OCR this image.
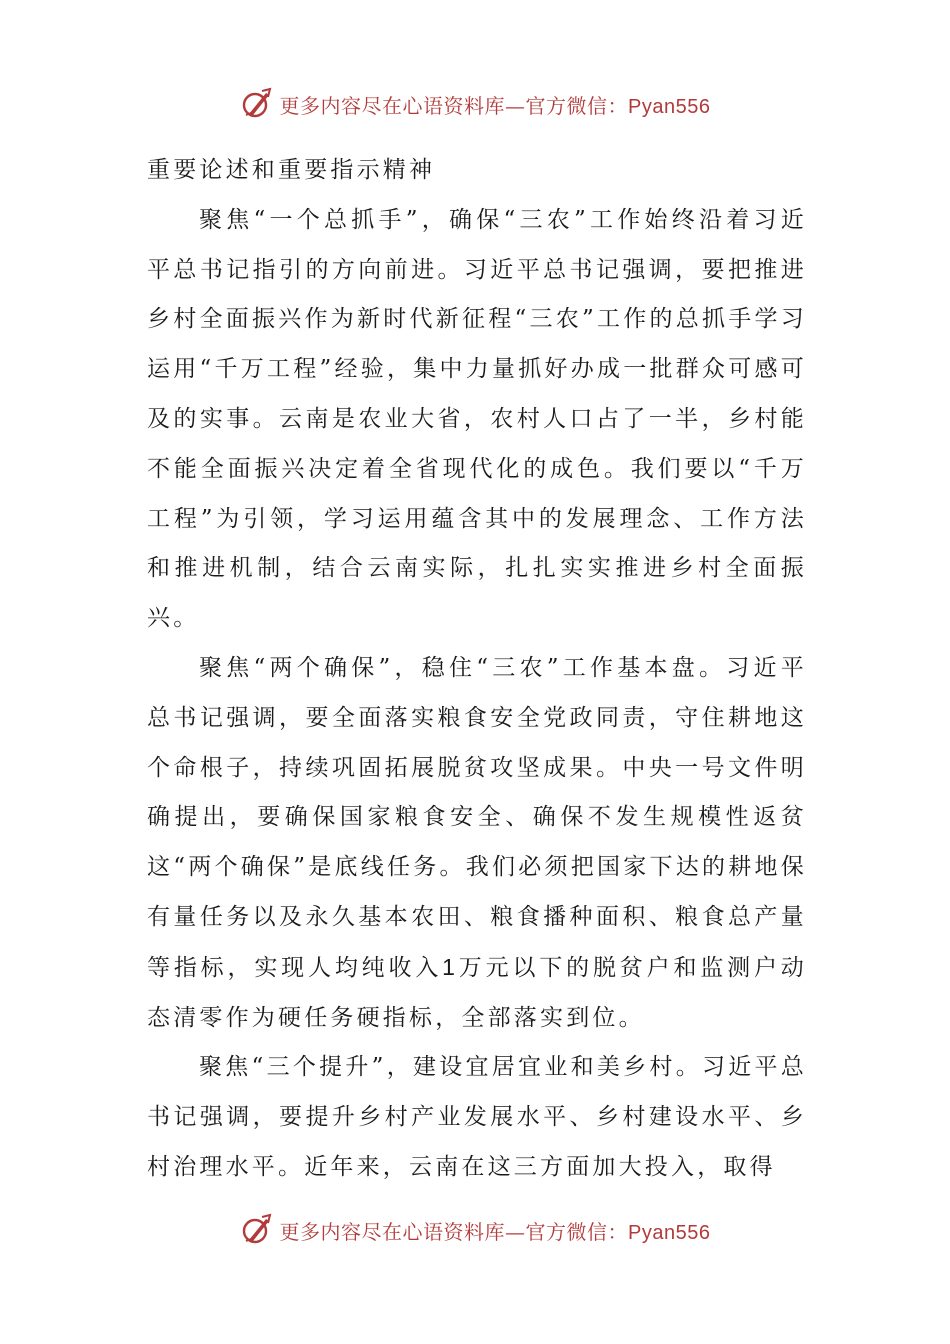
更多内容尽在心语资料库—官方微信：Pyan556

重要论述和重要指示精神

聚焦“一个总抓手”，确保“三农”工作始终沿着习近平总书记指引的方向前进。习近平总书记强调，要把推进乡村全面振兴作为新时代新征程“三农”工作的总抓手学习运用“千万工程”经验，集中力量抓好办成一批群众可感可及的实事。云南是农业大省，农村人口占了一半，乡村能不能全面振兴决定着全省现代化的成色。我们要以“千万工程”为引领，学习运用蕴含其中的发展理念、工作方法和推进机制，结合云南实际，扎扎实实推进乡村全面振兴。

聚焦“两个确保”，稳住“三农”工作基本盘。习近平总书记强调，要全面落实粮食安全党政同责，守住耕地这个命根子，持续巩固拓展脱贫攻坚成果。中央一号文件明确提出，要确保国家粮食安全、确保不发生规模性返贫这“两个确保”是底线任务。我们必须把国家下达的耕地保有量任务以及永久基本农田、粮食播种面积、粮食总产量等指标，实现人均纯收入1万元以下的脱贫户和监测户动态清零作为硬任务硬指标，全部落实到位。

聚焦“三个提升”，建设宜居宜业和美乡村。习近平总书记强调，要提升乡村产业发展水平、乡村建设水平、乡村治理水平。近年来，云南在这三方面加大投入，取得

更多内容尽在心语资料库—官方微信：Pyan556
